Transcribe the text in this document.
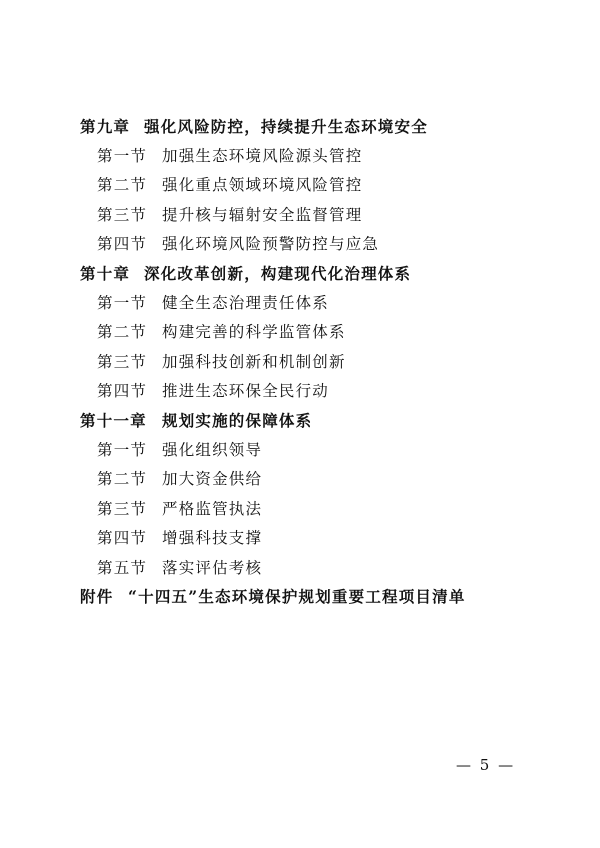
第九章 强化风险防控，持续提升生态环境安全
第一节 加强生态环境风险源头管控
第二节 强化重点领域环境风险管控
第三节 提升核与辐射安全监督管理
第四节 强化环境风险预警防控与应急
第十章 深化改革创新，构建现代化治理体系
第一节 健全生态治理责任体系
第二节 构建完善的科学监管体系
第三节 加强科技创新和机制创新
第四节 推进生态环保全民行动
第十一章 规划实施的保障体系
第一节 强化组织领导
第二节 加大资金供给
第三节 严格监管执法
第四节 增强科技支撑
第五节 落实评估考核
附件 “十四五”生态环境保护规划重要工程项目清单
— 5 —
